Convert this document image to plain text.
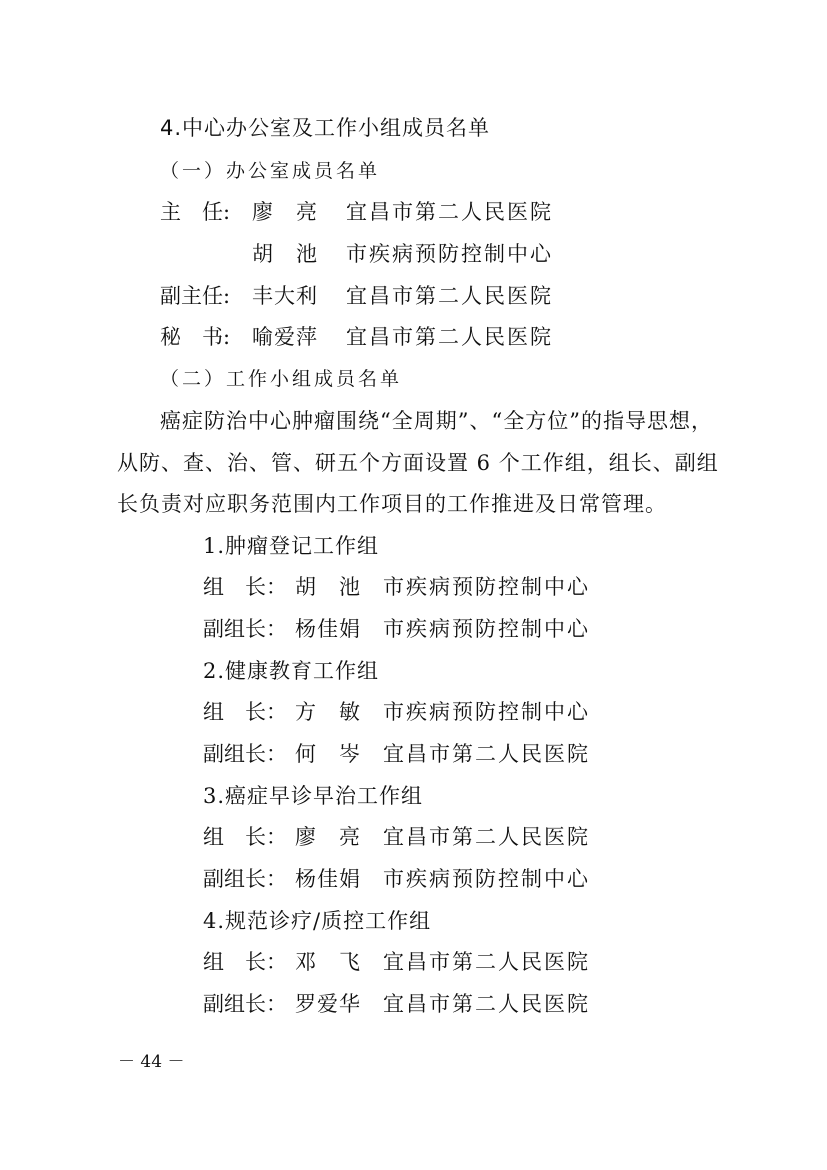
4.中心办公室及工作小组成员名单
（一）办公室成员名单
主　任: 廖　亮 宜昌市第二人民医院
胡　池 市疾病预防控制中心
副主任: 丰大利 宜昌市第二人民医院
秘　书: 喻爱萍 宜昌市第二人民医院
（二）工作小组成员名单
癌症防治中心肿瘤围绕“全周期”、“全方位”的指导思想，
从防、查、治、管、研五个方面设置 6 个工作组，组长、副组
长负责对应职务范围内工作项目的工作推进及日常管理。
1.肿瘤登记工作组
组　长： 胡　池 市疾病预防控制中心
副组长： 杨佳娟 市疾病预防控制中心
2.健康教育工作组
组　长： 方　敏 市疾病预防控制中心
副组长： 何　岑 宜昌市第二人民医院
3.癌症早诊早治工作组
组　长： 廖　亮 宜昌市第二人民医院
副组长： 杨佳娟 市疾病预防控制中心
4.规范诊疗/质控工作组
组　长： 邓　飞 宜昌市第二人民医院
副组长： 罗爱华 宜昌市第二人民医院
－ 44 －
